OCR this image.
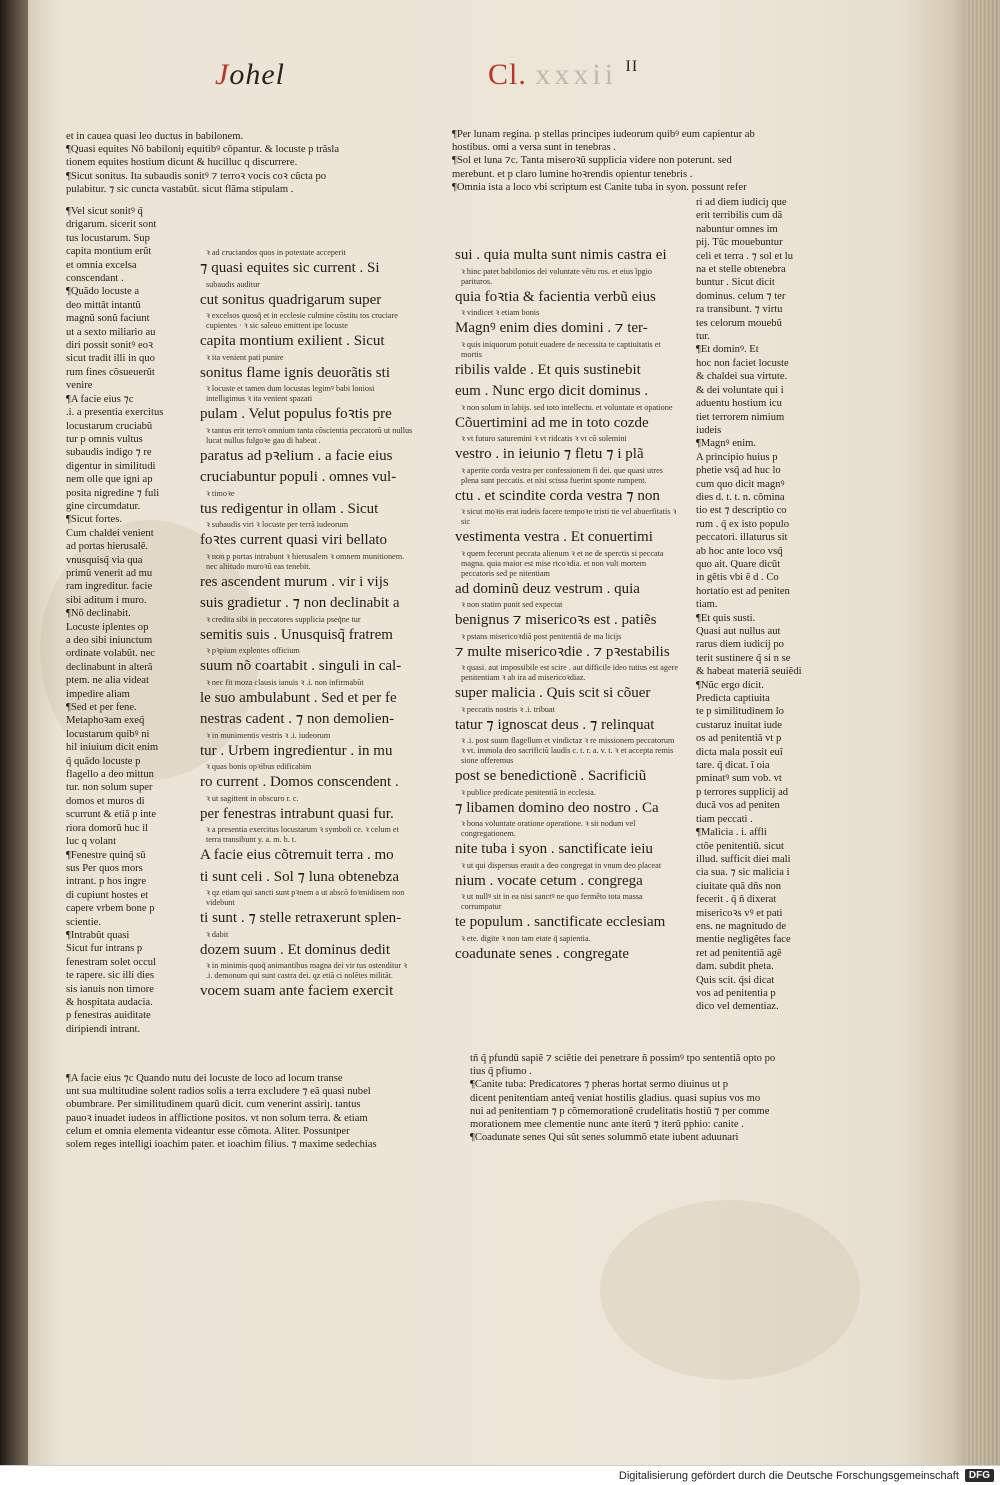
Johel	Cl. xxxii $^{II}$
et in cauea quasi leo ductus in babilonem.
¶Quasi equites Nõ babiloniȷ equitibꝰ cõpantur. & locuste p trãsla
tionem equites hostium dicunt & hucilluc q discurrere.
¶Sicut sonitus. Ita subaudis sonitꝰ ⁊ terroꝛ vocis coꝛ cũcta po
pulabitur. ⁊ sic cuncta vastabũt. sicut flãma stipulam .
¶Vel sicut sonitꝰ q̃
drigarum. sicerit sont
tus locustarum. Sup
capita montium erũt
et omnia excelsa
conscendant .
¶Quãdo locuste a
deo mittãt intantũ
magnũ sonũ faciunt
ut a sexto miliario au
diri possit sonitꝰ eoꝛ
sicut tradit illi in quo
rum fines cõsueuerũt
venire
¶A facie eius ⁊c
.i. a presentia exercitus
locustarum cruciabũ
tur p omnis vultus
subaudis indigo ⁊ re
digentur in similitudi
nem olle que igni ap
posita nigredine ⁊ fuli
gine circumdatur.
¶Sicut fortes.
Cum chaldei venient
ad portas hierusalẽ.
vnusquisq̃ via qua
primũ venerit ad mu
ram ingreditur. facie
sibi aditum i muro.
¶Nõ declinabit.
Locuste iplentes op
a deo sibi iniunctum
ordinate volabũt. nec
declinabunt in alterã
ptem. ne alia videat
impedire aliam
¶Sed et per fene.
Metaphoꝛam exeq̃
locustarum quibꝰ ni
hil iniuium dicit enim
q̃ quãdo locuste p
flagello a deo mittun
tur. non solum super
domos et muros di
scurrunt & etiã p inte
riora domorũ huc il
luc q volant
¶Fenestre quinq̃ sũ
sus Per quos mors
intrant. p hos ingre
di cupiunt hostes et
capere vrbem bone p
scientie.
¶Intrabũt quasi
Sicut fur intrans p
fenestram solet occul
te rapere. sic illi dies
sis ianuis non timore
& hospitata audacia.
p fenestras auiditate
diripiendi intrant.
ꝛ ad cruciandos quos in potestate acceperit
⁊ quasi equites sic current . Si
subaudis auditur
cut sonitus quadrigarum super
ꝛ excelsos quosq̃ et in ecclesie culmine cõstitu tos cruciare cupientes · ꝛ sic saleuo emittent ipe locuste
capita montium exilient . Sicut
ꝛ ita venient pati punire
sonitus flame ignis deuorãtis sti
ꝛ locuste et tamen dum locustas legimꝰ babi loniosi intelligimus ꝛ ita venient spazati
pulam . Velut populus foꝛtis pre
ꝛ tantus erit terroꝛ omnium tanta cõscientia peccatorũ ut nullus lucat nullus fulgoꝛe gau di habeat .
paratus ad pꝛelium . a facie eius
cruciabuntur populi . omnes vul-
ꝛ timoꝛe
tus redigentur in ollam . Sicut
ꝛ subaudis viri ꝛ locuste per terrã iudeorum
foꝛtes current quasi viri bellato
ꝛ non p portas intrabunt ꝛ hierusalem ꝛ omnem munitionem. nec altitudo muroꝛũ eas tenebit.
res ascendent murum . vir i vijs
suis gradietur . ⁊ non declinabit a
ꝛ credita sibi in peccatores supplicia pseq̃ne tur
semitis suis . Unusquisq̃ fratrem
ꝛ pꝛpium explentes officium
suum nõ coartabit . singuli in cal-
ꝛ nec fit moza clausis ianuis ꝛ .i. non infirmabũt
le suo ambulabunt . Sed et per fe
nestras cadent . ⁊ non demolien-
ꝛ in munimentis vestris ꝛ .i. iudeorum
tur . Urbem ingredientur . in mu
ꝛ quas bonis opꝛibus edificabim
ro current . Domos conscendent .
ꝛ ut sagittent in obscuro r. c.
per fenestras intrabunt quasi fur.
ꝛ a presentia exercitus locustarum ꝛ symboli ce. ꝛ celum et terra transibunt y. a. m. h. t.
A facie eius cõtremuit terra . mo
ti sunt celi . Sol ⁊ luna obtenebza
ꝛ qz etiam qui sancti sunt pꝛnem a ut abscõ foꝛmidinem non videbunt
ti sunt . ⁊ stelle retraxerunt splen-
ꝛ dabit
dozem suum . Et dominus dedit
ꝛ in minimis quoq̃ animantibus magna dei vir tus ostenditur ꝛ .i. demonum qui sunt castra dei. qz etiã ci nolẽtes militãt.
vocem suam ante faciem exercit
¶A facie eius ⁊c Quando nutu dei locuste de loco ad locum transe
unt sua multitudine solent radios solis a terra excludere ⁊ eã quasi nubel
obumbrare. Per similitudinem quarũ dicit. cum venerint assiriȷ. tantus
pauoꝛ inuadet iudeos in afflictione positos. vt non solum terra. & etiam
celum et omnia elementa videantur esse cõmota. Aliter. Possuntper
solem reges intelligi ioachim pater. et ioachim filius. ⁊ maxime sedechias
¶Per lunam regina. p stellas principes iudeorum quibꝰ eum capientur ab
hostibus. omi a versa sunt in tenebras .
¶Sol et luna ⁊c. Tanta miseroꝛũ supplicia videre non poterunt. sed
merebunt. et p claro lumine hoꝛrendis opientur tenebris .
¶Omnia ista a loco vbi scriptum est Canite tuba in syon. possunt refer
sui . quia multa sunt nimis castra ei
ꝛ hinc patet babilonios dei voluntate vẽtu ros. et eius ĩpgio parituros.
quia foꝛtia & facientia verbũ eius
ꝛ vindicet ꝛ etiam bonis
Magnꝰ enim dies domini . ⁊ ter-
ꝛ quis iniquorum potuit euadere de necessita te captiuitatis et mortis
ribilis valde . Et quis sustinebit
eum . Nunc ergo dicit dominus .
ꝛ non solum in labijs. sed toto intellectu. et voluntate et opatione
Cõuertimini ad me in toto cozde
ꝛ vt futuro saturemini ꝛ vt ridcatis ꝛ vt cõ solemini
vestro . in ieiunio ⁊ fletu ⁊ i plã
ꝛ aperite corda vestra per confessionem fi dei. que quasi utres plena sunt peccatis. et nisi scissa fuerint sponte rumpent.
ctu . et scindite corda vestra ⁊ non
ꝛ sicut moꝛis erat iudeis facere tempoꝛe tristi tie vel abuerfitatis ꝛ sic
vestimenta vestra . Et conuertimi
ꝛ quem fecerunt peccata alienum ꝛ et ne de sperctis si peccata magna. quia maior est mise ricoꝛdia. et non vult mortem peccatoris sed pe nitentiam
ad dominũ deuz vestrum . quia
ꝛ non statim punit sed expectat
benignus ⁊ misericoꝛs est . patiẽs
ꝛ pstans misericoꝛdiã post penitentiã de ma licijs
⁊ multe misericoꝛdie . ⁊ pꝛestabilis
ꝛ quasi. aut impossibile est scire . aut difficile ideo tutius est agere penitentiam ꝛ ab ira ad misericoꝛdiaz.
super malicia . Quis scit si cõuer
ꝛ peccatis nostris ꝛ .i. tribuat
tatur ⁊ ignoscat deus . ⁊ relinquat
ꝛ .i. post suum flagellum et vindictaz ꝛ re missionem peccatorum ꝛ vt. immola deo sacrificiũ laudis c. t. r. a. v. t. ꝛ et accepta remis sione offeremus
post se benedictionẽ . Sacrificiũ
ꝛ publice predicate penitentiã in ecclesia.
⁊ libamen domino deo nostro . Ca
ꝛ bona voluntate oratione operatione. ꝛ sit nodum vel congregationem.
nite tuba i syon . sanctificate ieiu
ꝛ ut qui dispersus erauit a deo congregat in vnum deo placeat
nium . vocate cetum . congrega
ꝛ ut nullꝰ sit in ea nisi sanctꝰ ne quo fermẽto tota massa corrumpatur
te populum . sanctificate ecclesiam
ꝛ ete. digite ꝛ non tam etate q̃ sapientia.
coadunate senes . congregate
ri ad diem iudiciȷ que
erit terribilis cum dã
nabuntur omnes im
pij. Tũc mouebuntur
celi et terra . ⁊ sol et lu
na et stelle obtenebra
buntur . Sicut dicit
dominus. celum ⁊ ter
ra transibunt. ⁊ virtu
tes celorum mouebũ
tur.
¶Et dominꝰ. Et
hoc non faciet locuste
& chaldei sua virtute.
& dei voluntate qui i
aduentu hostium icu
tiet terrorem nimium
iudeis
¶Magnꝰ enim.
A principio huius p
phetie vsq̃ ad huc lo
cum quo dicit magnꝰ
dies d. t. t. n. cõmina
tio est ⁊ descriptio co
rum . q̃ ex isto populo
peccatori. illaturus sit
ab hoc ante loco vsq̃
quo ait. Quare dicũt
in gẽtis vbi ẽ d . Co
hortatio est ad peniten
tiam.
¶Et quis susti.
Quasi aut nullus aut
rarus diem iudicij po
terit sustinere q̃ si n se
& habeat materiã seuiẽdi
¶Nũc ergo dicit.
Predicta captiuita
te p similitudinem lo
custaruz inuitat iude
os ad penitentiã vt p
dicta mala possit euĩ
tare. q̃ dicat. ĩ oia
pminatꝰ sum vob. vt
p terrores supplicij ad
ducã vos ad peniten
tiam peccati .
¶Malicia . i. affli
ctõe penitentiũ. sicut
illud. sufficit diei mali
cia sua. ⁊ sic malicia i
ciuitate quã dñs non
fecerit . q̃ ñ dixerat
misericoꝛs vꝰ et pati
ens. ne magnitudo de
mentie negligẽtes face
ret ad penitentiã agẽ
dam. subdit pheta.
Quis scit. q̃si dicat
vos ad penitentia p
dico vel dementiaz.
tñ q̃ pfundũ sapiẽ ⁊ sciẽtie dei penetrare ñ possimꝰ tpo sententiã opto po
tius q̃ pfiumo .
¶Canite tuba: Predicatores ⁊ pheras hortat sermo diuinus ut p
dicent penitentiam anteq̃ veniat hostilis gladius. quasi supius vos mo
nui ad penitentiam ⁊ p cõmemorationẽ crudelitatis hostiũ ⁊ per comme
morationem mee clementie nunc ante iterũ ⁊ iterũ pphio: canite .
¶Coadunate senes Qui sũt senes solummõ etate iubent aduunari
Digitalisierung gefördert durch die Deutsche Forschungsgemeinschaft	DFG
